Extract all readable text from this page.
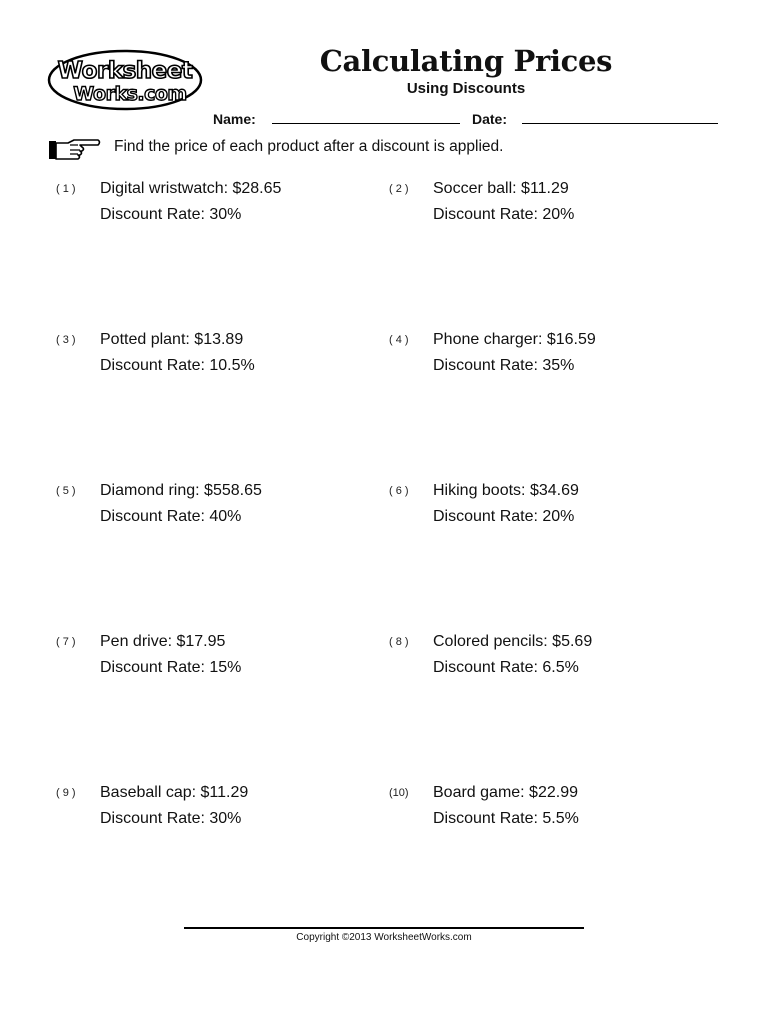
Worksheet
Works.com
Calculating Prices
Using Discounts
Name:	Date:
Find the price of each product after a discount is applied.
( 1 )	Digital wristwatch: $28.65
Discount Rate: 30%
( 2 )	Soccer ball: $11.29
Discount Rate: 20%
( 3 )	Potted plant: $13.89
Discount Rate: 10.5%
( 4 )	Phone charger: $16.59
Discount Rate: 35%
( 5 )	Diamond ring: $558.65
Discount Rate: 40%
( 6 )	Hiking boots: $34.69
Discount Rate: 20%
( 7 )	Pen drive: $17.95
Discount Rate: 15%
( 8 )	Colored pencils: $5.69
Discount Rate: 6.5%
( 9 )	Baseball cap: $11.29
Discount Rate: 30%
(10)	Board game: $22.99
Discount Rate: 5.5%
Copyright ©2013 WorksheetWorks.com
